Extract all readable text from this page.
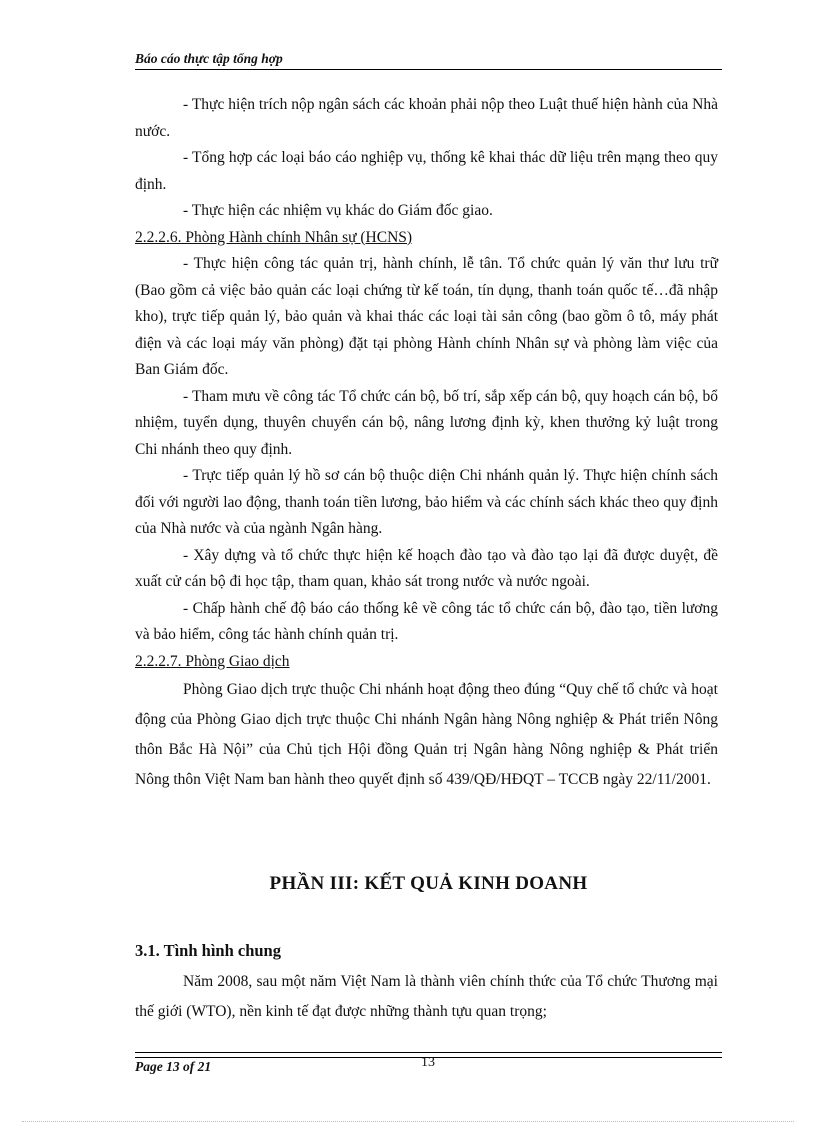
Báo cáo thực tập tổng hợp

- Thực hiện trích nộp ngân sách các khoản phải nộp theo Luật thuế hiện hành của Nhà nước.

- Tổng hợp các loại báo cáo nghiệp vụ, thống kê khai thác dữ liệu trên mạng theo quy định.

- Thực hiện các nhiệm vụ khác do Giám đốc giao.

2.2.2.6. Phòng Hành chính Nhân sự (HCNS)

- Thực hiện công tác quản trị, hành chính, lễ tân. Tổ chức quản lý văn thư lưu trữ (Bao gồm cả việc bảo quản các loại chứng từ kế toán, tín dụng, thanh toán quốc tế…đã nhập kho), trực tiếp quản lý, bảo quản và khai thác các loại tài sản công (bao gồm ô tô, máy phát điện và các loại máy văn phòng) đặt tại phòng Hành chính Nhân sự và phòng làm việc của Ban Giám đốc.

- Tham mưu về công tác Tổ chức cán bộ, bố trí, sắp xếp cán bộ, quy hoạch cán bộ, bổ nhiệm, tuyển dụng, thuyên chuyển cán bộ, nâng lương định kỳ, khen thưởng kỷ luật trong Chi nhánh theo quy định.

- Trực tiếp quản lý hồ sơ cán bộ thuộc diện Chi nhánh quản lý. Thực hiện chính sách đối với người lao động, thanh toán tiền lương, bảo hiểm và các chính sách khác theo quy định của Nhà nước và của ngành Ngân hàng.

- Xây dựng và tổ chức thực hiện kế hoạch đào tạo và đào tạo lại đã được duyệt, đề xuất cử cán bộ đi học tập, tham quan, khảo sát trong nước và nước ngoài.

- Chấp hành chế độ báo cáo thống kê về công tác tổ chức cán bộ, đào tạo, tiền lương và bảo hiểm, công tác hành chính quản trị.

2.2.2.7. Phòng Giao dịch

Phòng Giao dịch trực thuộc Chi nhánh hoạt động theo đúng “Quy chế tổ chức và hoạt động của Phòng Giao dịch trực thuộc Chi nhánh Ngân hàng Nông nghiệp & Phát triển Nông thôn Bắc Hà Nội” của Chủ tịch Hội đồng Quản trị Ngân hàng Nông nghiệp & Phát triển Nông thôn Việt Nam ban hành theo quyết định số 439/QĐ/HĐQT – TCCB ngày 22/11/2001.

PHẦN III: KẾT QUẢ KINH DOANH
3.1. Tình hình chung

Năm 2008, sau một năm Việt Nam là thành viên chính thức của Tổ chức Thương mại thế giới (WTO), nền kinh tế đạt được những thành tựu quan trọng;

Page 13 of 21	13
